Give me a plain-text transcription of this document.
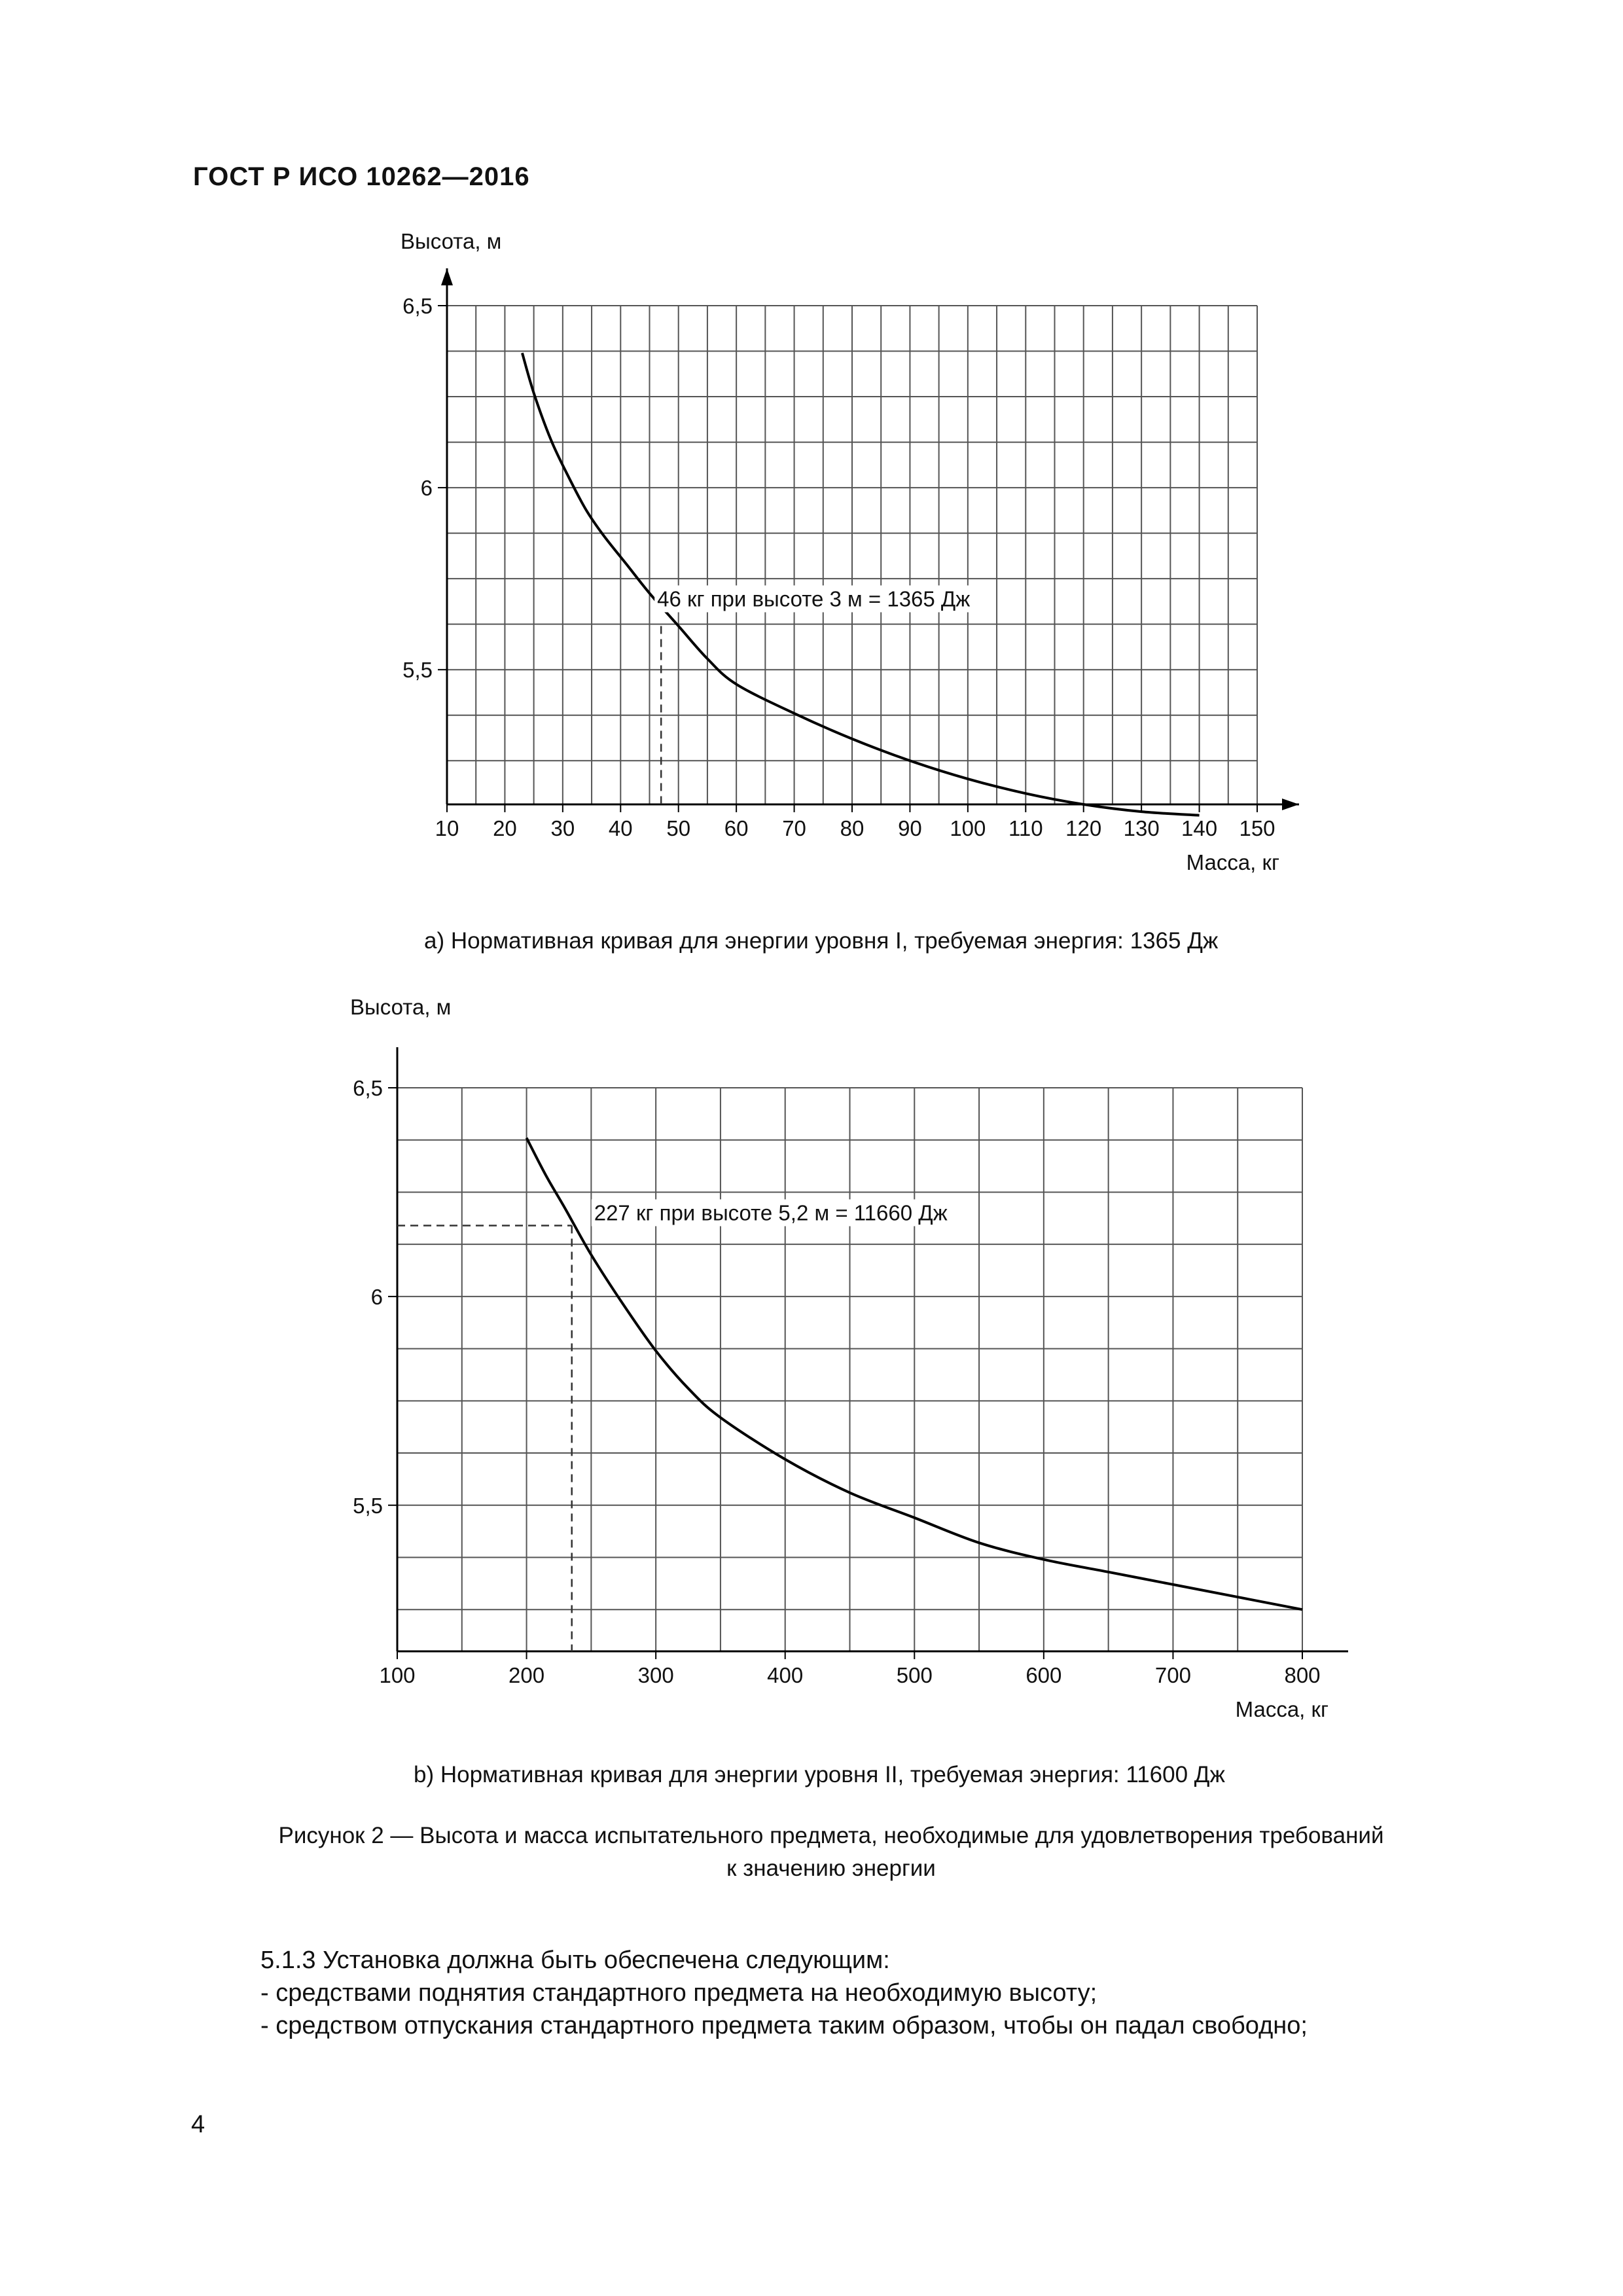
ГОСТ Р ИСО 10262—2016
10 20 30 40 50 60 70 80 90 100 110 120 130 140 150
6,5
6
5,5
Высота, м
Масса, кг
46 кг при высоте 3 м = 1365 Дж
a) Нормативная кривая для энергии уровня I, требуемая энергия: 1365 Дж
100	200	300	400	500	600	700	800
6,5
6
5,5
Высота, м
Масса, кг
227 кг при высоте 5,2 м = 11660 Дж
b) Нормативная кривая для энергии уровня II, требуемая энергия: 11600 Дж
Рисунок 2 — Высота и масса испытательного предмета, необходимые для удовлетворения требований
к значению энергии
5.1.3 Установка должна быть обеспечена следующим:
- средствами поднятия стандартного предмета на необходимую высоту;
- средством отпускания стандартного предмета таким образом, чтобы он падал свободно;
4
